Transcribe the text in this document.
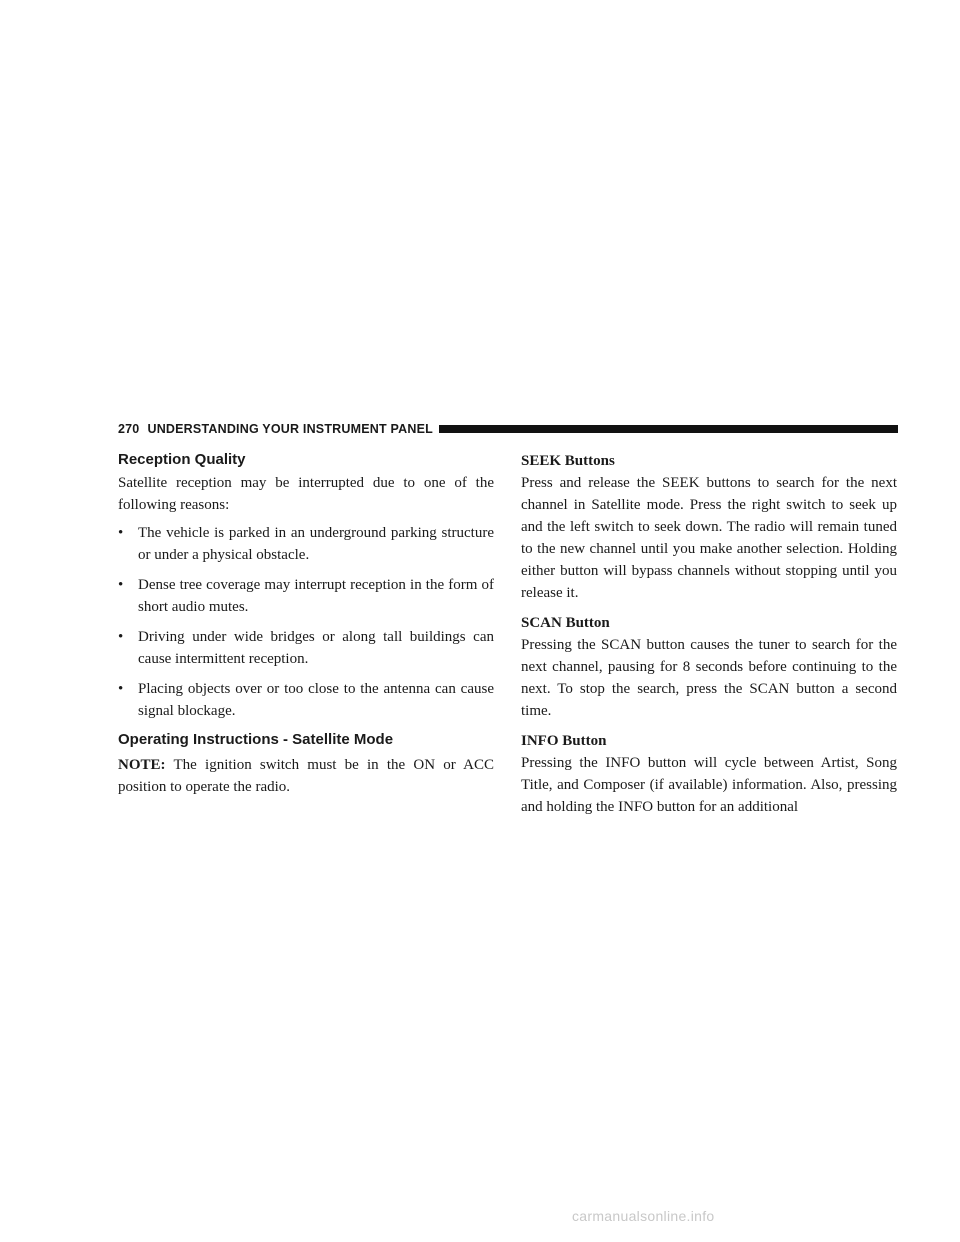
270 UNDERSTANDING YOUR INSTRUMENT PANEL
Reception Quality

Satellite reception may be interrupted due to one of the following reasons:

• The vehicle is parked in an underground parking structure or under a physical obstacle.
• Dense tree coverage may interrupt reception in the form of short audio mutes.
• Driving under wide bridges or along tall buildings can cause intermittent reception.
• Placing objects over or too close to the antenna can cause signal blockage.
Operating Instructions - Satellite Mode

NOTE: The ignition switch must be in the ON or ACC position to operate the radio.

SEEK Buttons

Press and release the SEEK buttons to search for the next channel in Satellite mode. Press the right switch to seek up and the left switch to seek down. The radio will remain tuned to the new channel until you make another selection. Holding either button will bypass channels without stopping until you release it.

SCAN Button

Pressing the SCAN button causes the tuner to search for the next channel, pausing for 8 seconds before continuing to the next. To stop the search, press the SCAN button a second time.

INFO Button

Pressing the INFO button will cycle between Artist, Song Title, and Composer (if available) information. Also, pressing and holding the INFO button for an additional

carmanualsonline.info
